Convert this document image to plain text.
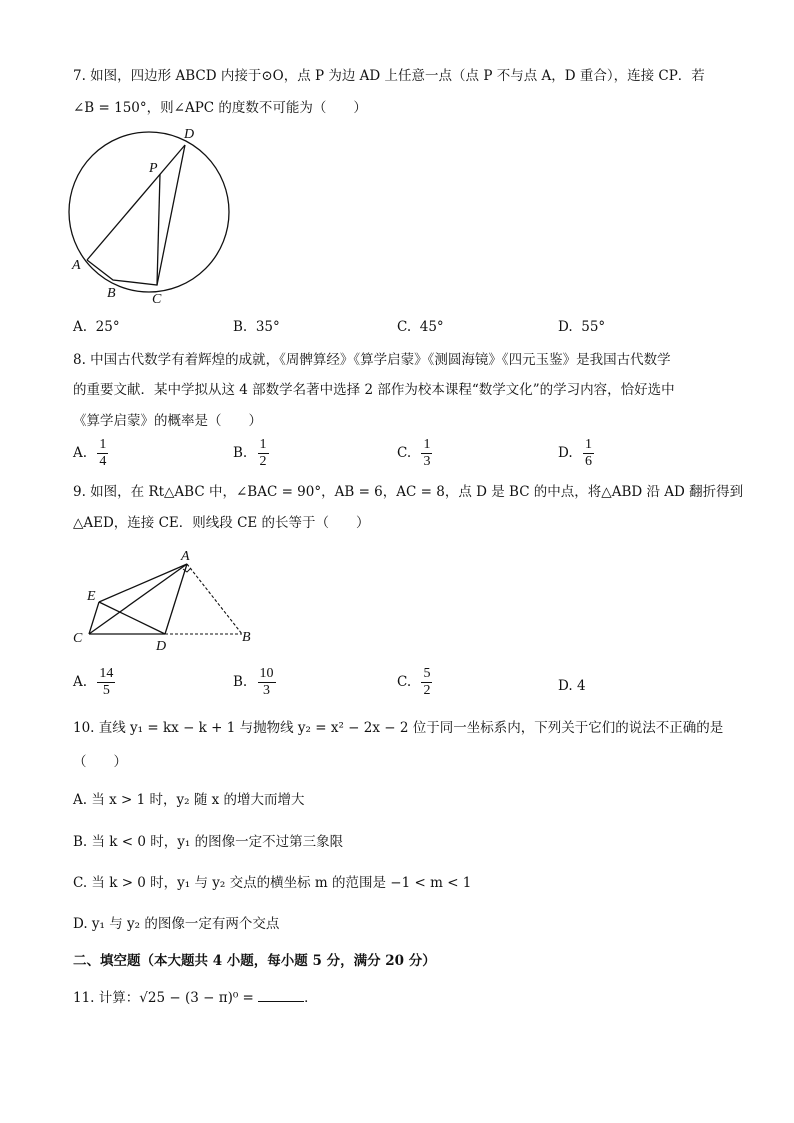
7. 如图，四边形 ABCD 内接于⊙O，点 P 为边 AD 上任意一点（点 P 不与点 A，D 重合），连接 CP．若
∠B = 150°，则∠APC 的度数不可能为（　　）
D
P
A
B	C
A. 25°	B. 35°	C. 45°	D. 55°
8. 中国古代数学有着辉煌的成就，《周髀算经》《算学启蒙》《测圆海镜》《四元玉鉴》是我国古代数学
的重要文献．某中学拟从这 4 部数学名著中选择 2 部作为校本课程“数学文化”的学习内容，恰好选中
《算学启蒙》的概率是（　　）
A. $\frac{1}{4}$	B. $\frac{1}{2}$	C. $\frac{1}{3}$	D. $\frac{1}{6}$
9. 如图，在 Rt△ABC 中，∠BAC = 90°，AB = 6，AC = 8，点 D 是 BC 的中点，将△ABD 沿 AD 翻折得到
△AED，连接 CE．则线段 CE 的长等于（　　）
A
E
C
D
B
A. $\frac{14}{5}$	B. $\frac{10}{3}$	C. $\frac{5}{2}$	D. 4
10. 直线 y₁ = kx − k + 1 与抛物线 y₂ = x² − 2x − 2 位于同一坐标系内，下列关于它们的说法不正确的是
（　　）
A. 当 x > 1 时，y₂ 随 x 的增大而增大
B. 当 k < 0 时，y₁ 的图像一定不过第三象限
C. 当 k > 0 时，y₁ 与 y₂ 交点的横坐标 m 的范围是 −1 < m < 1
D. y₁ 与 y₂ 的图像一定有两个交点
二、填空题（本大题共 4 小题，每小题 5 分，满分 20 分）
11. 计算：√25 − (3 − π)⁰ =	．
